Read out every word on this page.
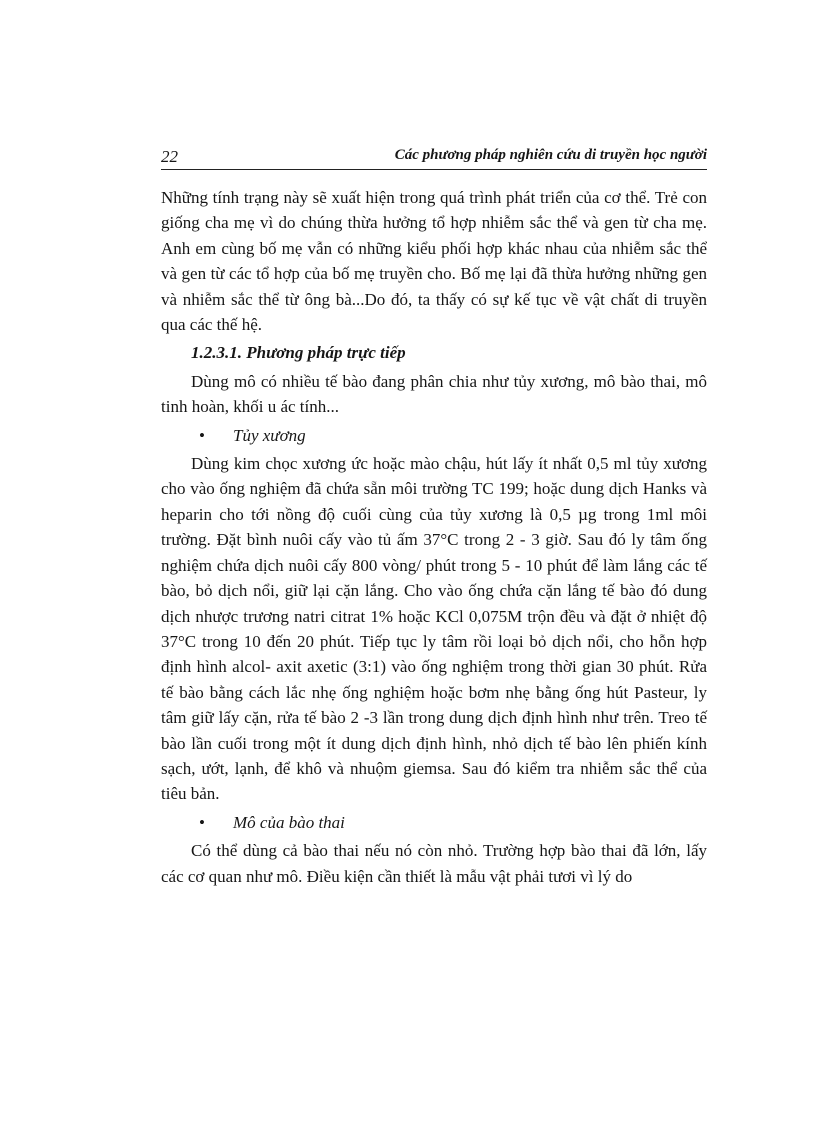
22	Các phương pháp nghiên cứu di truyền học người

Những tính trạng này sẽ xuất hiện trong quá trình phát triển của cơ thể. Trẻ con giống cha mẹ vì do chúng thừa hưởng tổ hợp nhiễm sắc thể và gen từ cha mẹ. Anh em cùng bố mẹ vẫn có những kiểu phối hợp khác nhau của nhiễm sắc thể và gen từ các tổ hợp của bố mẹ truyền cho. Bố mẹ lại đã thừa hưởng những gen và nhiễm sắc thể từ ông bà...Do đó, ta thấy có sự kế tục về vật chất di truyền qua các thế hệ.

1.2.3.1. Phương pháp trực tiếp

Dùng mô có nhiều tế bào đang phân chia như tủy xương, mô bào thai, mô tinh hoàn, khối u ác tính...

• Tủy xương

Dùng kim chọc xương ức hoặc mào chậu, hút lấy ít nhất 0,5 ml tủy xương cho vào ống nghiệm đã chứa sẵn môi trường TC 199; hoặc dung dịch Hanks và heparin cho tới nồng độ cuối cùng của tủy xương là 0,5 µg trong 1ml môi trường. Đặt bình nuôi cấy vào tủ ấm 37°C trong 2 - 3 giờ. Sau đó ly tâm ống nghiệm chứa dịch nuôi cấy 800 vòng/ phút trong 5 - 10 phút để làm lắng các tế bào, bỏ dịch nổi, giữ lại cặn lắng. Cho vào ống chứa cặn lắng tế bào đó dung dịch nhược trương natri citrat 1% hoặc KCl 0,075M trộn đều và đặt ở nhiệt độ 37°C trong 10 đến 20 phút. Tiếp tục ly tâm rồi loại bỏ dịch nổi, cho hỗn hợp định hình alcol- axit axetic (3:1) vào ống nghiệm trong thời gian 30 phút. Rửa tế bào bằng cách lắc nhẹ ống nghiệm hoặc bơm nhẹ bằng ống hút Pasteur, ly tâm giữ lấy cặn, rửa tế bào 2 -3 lần trong dung dịch định hình như trên. Treo tế bào lần cuối trong một ít dung dịch định hình, nhỏ dịch tế bào lên phiến kính sạch, ướt, lạnh, để khô và nhuộm giemsa. Sau đó kiểm tra nhiễm sắc thể của tiêu bản.

• Mô của bào thai

Có thể dùng cả bào thai nếu nó còn nhỏ. Trường hợp bào thai đã lớn, lấy các cơ quan như mô. Điều kiện cần thiết là mẫu vật phải tươi vì lý do
